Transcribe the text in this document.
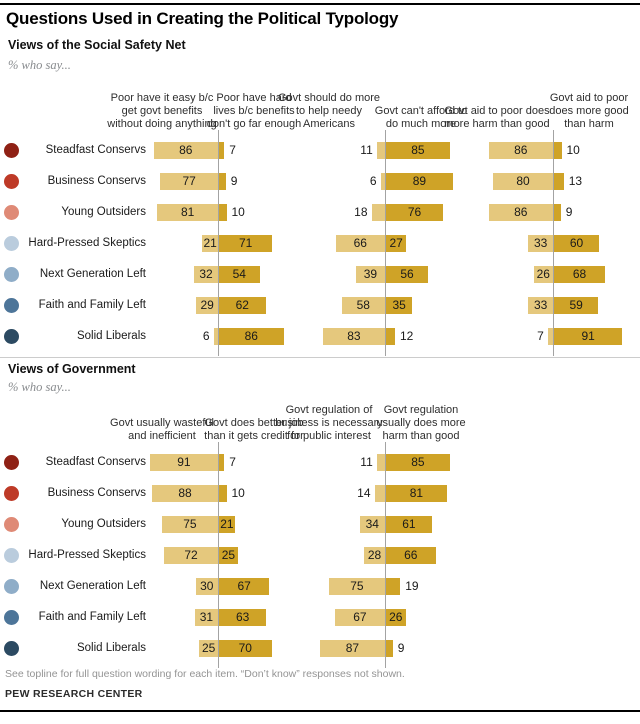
Questions Used in Creating the Political Typology
Views of the Social Safety Net
% who say...
Poor have it easy b/c get govt benefits without doing anything
Poor have hard lives b/c benefits don't go far enough
Govt should do more to help needy Americans
Govt can't afford to do much more
Govt aid to poor does more harm than good
Govt aid to poor does more good than harm
Steadfast Conservs	86	7	11	85	86	10
Business Conservs	77	9	6	89	80	13
Young Outsiders	81	10	18	76	86	9
Hard-Pressed Skeptics	21	71	66	27	33	60
Next Generation Left	32	54	39	56	26	68
Faith and Family Left	29	62	58	35	33	59
Solid Liberals	6	86	83	12	7	91
Views of Government
% who say...
Govt usually wasteful and inefficient
Govt does better job than it gets credit for
Govt regulation of business is necessary for public interest
Govt regulation usually does more harm than good
Steadfast Conservs	91	7	11	85
Business Conservs	88	10	14	81
Young Outsiders	75	21	34	61
Hard-Pressed Skeptics	72	25	28	66
Next Generation Left	30	67	75	19
Faith and Family Left	31	63	67	26
Solid Liberals	25	70	87	9
See topline for full question wording for each item. “Don’t know” responses not shown.
PEW RESEARCH CENTER
